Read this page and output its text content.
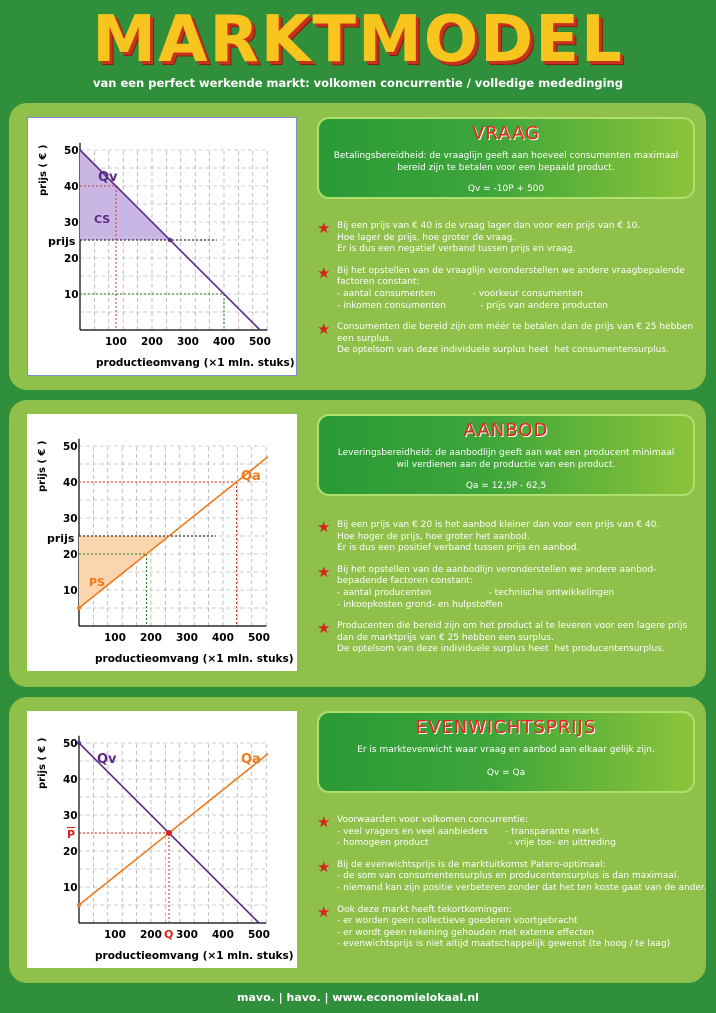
MARKTMODEL
van een perfect werkende markt: volkomen concurrentie / volledige mededinging
Qv
CS
prijs
10
20
30
40
50
100 200 300 400 500
prijs ( € )
productieomvang (×1 mln. stuks)
VRAAG
Betalingsbereidheid: de vraaglijn geeft aan hoeveel consumenten maximaal bereid zijn te betalen voor een bepaald product.
Qv = -10P + 500
★ Bij een prijs van € 40 is de vraag lager dan voor een prijs van € 10.
Hoe lager de prijs, hoe groter de vraag.
Er is dus een negatief verband tussen prijs en vraag.
★ Bij het opstellen van de vraaglijn veronderstellen we andere vraagbepalende
factoren constant:
- aantal consumenten             - voorkeur consumenten
- inkomen consumenten            - prijs van andere producten
★ Consumenten die bereid zijn om méér te betalen dan de prijs van € 25 hebben
een surplus.
De optelsom van deze individuele surplus heet  het consumentensurplus.
Qa
PS
prijs
10
20
30
40
50
100 200 300 400 500
prijs ( € )
productieomvang (×1 mln. stuks)
AANBOD
Leveringsbereidheid: de aanbodlijn geeft aan wat een producent minimaal wil verdienen aan de productie van een product.
Qa = 12,5P - 62,5
★ Bij een prijs van € 20 is het aanbod kleiner dan voor een prijs van € 40.
Hoe hoger de prijs, hoe groter het aanbod.
Er is dus een positief verband tussen prijs en aanbod.
★ Bij het opstellen van de aanbodlijn veronderstellen we andere aanbod-
bepadende factoren constant:
- aantal producenten                    - technische ontwikkelingen
- inkoopkosten grond- en hulpstoffen
★ Producenten die bereid zijn om het product al te leveren voor een lagere prijs
dan de marktprijs van € 25 hebben een surplus.
De optelsom van deze individuele surplus heet  het producentensurplus.
Qv	Qa
P
Q
10
20
30
40
50
100 200 300 400 500
prijs ( € )
productieomvang (×1 mln. stuks)
EVENWICHTSPRIJS
Er is marktevenwicht waar vraag en aanbod aan elkaar gelijk zijn.
Qv = Qa
★ Voorwaarden voor volkomen concurrentie:
- veel vragers en veel aanbieders      - transparante markt
- homogeen product                            - vrije toe- en uittreding
★ Bij de evenwichtsprijs is de marktuitkomst Patero-optimaal:
- de som van consumentensurplus en producentensurplus is dan maximaal.
- niemand kan zijn positie verbeteren zonder dat het ten koste gaat van de ander.
★ Ook deze markt heeft tekortkomingen:
- er worden geen collectieve goederen voortgebracht
- er wordt geen rekening gehouden met externe effecten
- evenwichtsprijs is niet altijd maatschappelijk gewenst (te hoog / te laag)
mavo. | havo. | www.economielokaal.nl
